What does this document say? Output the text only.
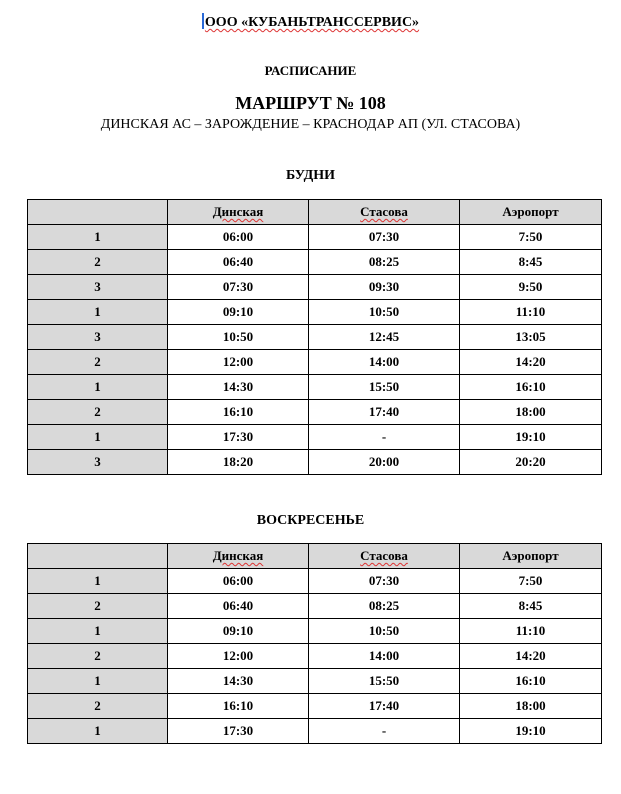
ООО «КУБАНЬТРАНССЕРВИС»
РАСПИСАНИЕ
МАРШРУТ № 108
ДИНСКАЯ АС – ЗАРОЖДЕНИЕ – КРАСНОДАР АП (УЛ. СТАСОВА)
БУДНИ
	Динская	Стасова	Аэропорт
1	06:00	07:30	7:50
2	06:40	08:25	8:45
3	07:30	09:30	9:50
1	09:10	10:50	11:10
3	10:50	12:45	13:05
2	12:00	14:00	14:20
1	14:30	15:50	16:10
2	16:10	17:40	18:00
1	17:30	-	19:10
3	18:20	20:00	20:20
ВОСКРЕСЕНЬЕ
	Динская	Стасова	Аэропорт
1	06:00	07:30	7:50
2	06:40	08:25	8:45
1	09:10	10:50	11:10
2	12:00	14:00	14:20
1	14:30	15:50	16:10
2	16:10	17:40	18:00
1	17:30	-	19:10
